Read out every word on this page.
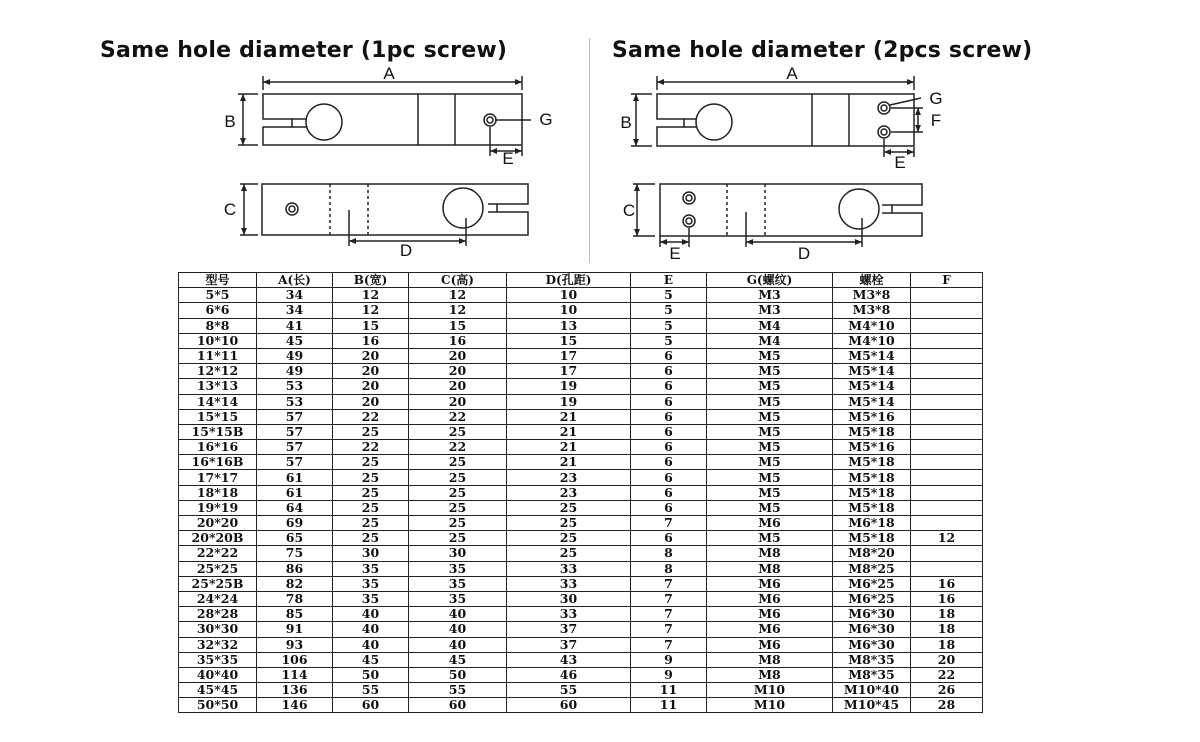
Same hole diameter (1pc screw)	Same hole diameter (2pcs screw)
A
B	G
E
C
D
A
B
G
F
E
C
E	D
型号	A(长)	B(宽)	C(高)	D(孔距)	E	G(螺纹)	螺栓	F
5*5	34	12	12	10	5	M3	M3*8	
6*6	34	12	12	10	5	M3	M3*8	
8*8	41	15	15	13	5	M4	M4*10	
10*10	45	16	16	15	5	M4	M4*10	
11*11	49	20	20	17	6	M5	M5*14	
12*12	49	20	20	17	6	M5	M5*14	
13*13	53	20	20	19	6	M5	M5*14	
14*14	53	20	20	19	6	M5	M5*14	
15*15	57	22	22	21	6	M5	M5*16	
15*15B	57	25	25	21	6	M5	M5*18	
16*16	57	22	22	21	6	M5	M5*16	
16*16B	57	25	25	21	6	M5	M5*18	
17*17	61	25	25	23	6	M5	M5*18	
18*18	61	25	25	23	6	M5	M5*18	
19*19	64	25	25	25	6	M5	M5*18	
20*20	69	25	25	25	7	M6	M6*18	
20*20B	65	25	25	25	6	M5	M5*18	12
22*22	75	30	30	25	8	M8	M8*20	
25*25	86	35	35	33	8	M8	M8*25	
25*25B	82	35	35	33	7	M6	M6*25	16
24*24	78	35	35	30	7	M6	M6*25	16
28*28	85	40	40	33	7	M6	M6*30	18
30*30	91	40	40	37	7	M6	M6*30	18
32*32	93	40	40	37	7	M6	M6*30	18
35*35	106	45	45	43	9	M8	M8*35	20
40*40	114	50	50	46	9	M8	M8*35	22
45*45	136	55	55	55	11	M10	M10*40	26
50*50	146	60	60	60	11	M10	M10*45	28
